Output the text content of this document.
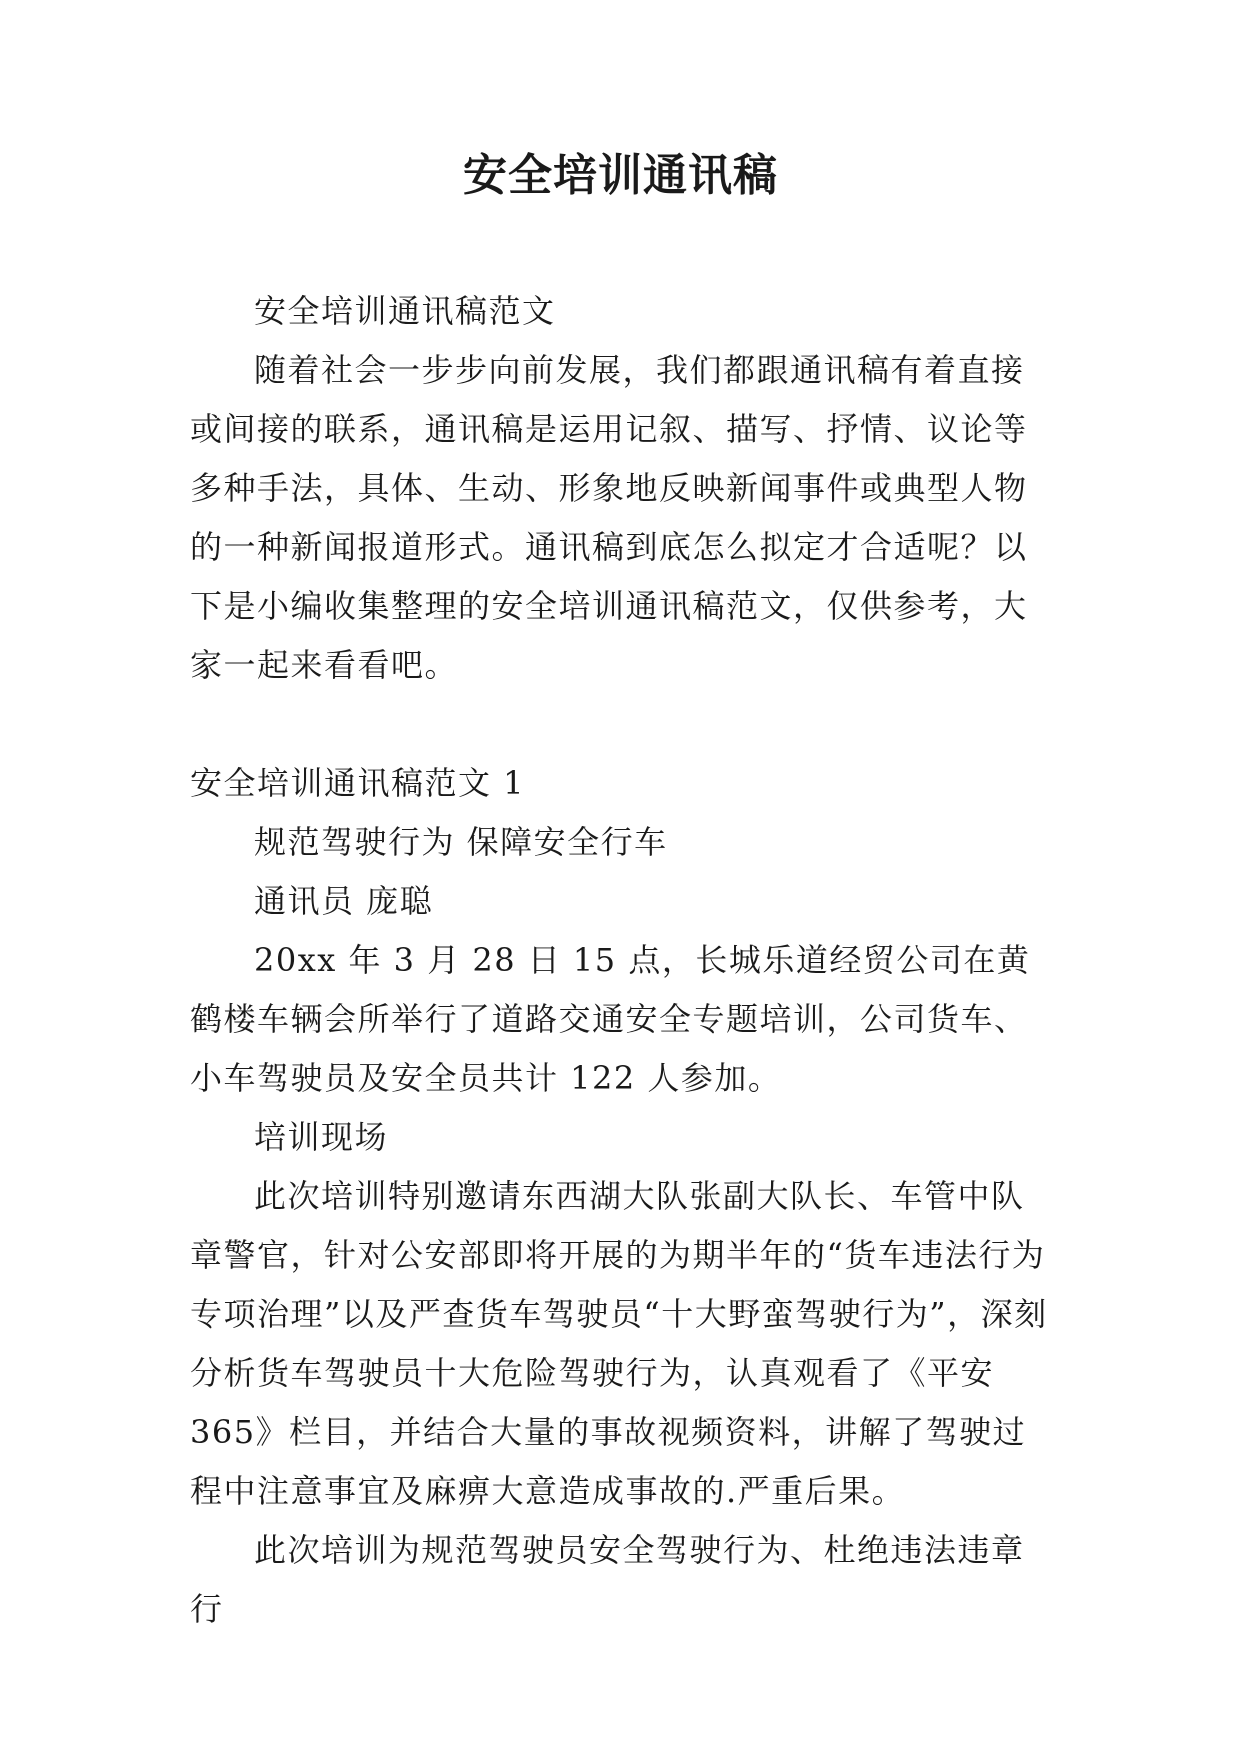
安全培训通讯稿

安全培训通讯稿范文

随着社会一步步向前发展，我们都跟通讯稿有着直接或间接的联系，通讯稿是运用记叙、描写、抒情、议论等多种手法，具体、生动、形象地反映新闻事件或典型人物的一种新闻报道形式。通讯稿到底怎么拟定才合适呢？以下是小编收集整理的安全培训通讯稿范文，仅供参考，大家一起来看看吧。

安全培训通讯稿范文 1

规范驾驶行为 保障安全行车

通讯员 庞聪

20xx 年 3 月 28 日 15 点，长城乐道经贸公司在黄鹤楼车辆会所举行了道路交通安全专题培训，公司货车、小车驾驶员及安全员共计 122 人参加。

培训现场

此次培训特别邀请东西湖大队张副大队长、车管中队章警官，针对公安部即将开展的为期半年的“货车违法行为专项治理”以及严查货车驾驶员“十大野蛮驾驶行为”，深刻分析货车驾驶员十大危险驾驶行为，认真观看了《平安 365》栏目，并结合大量的事故视频资料，讲解了驾驶过程中注意事宜及麻痹大意造成事故的.严重后果。

此次培训为规范驾驶员安全驾驶行为、杜绝违法违章行
